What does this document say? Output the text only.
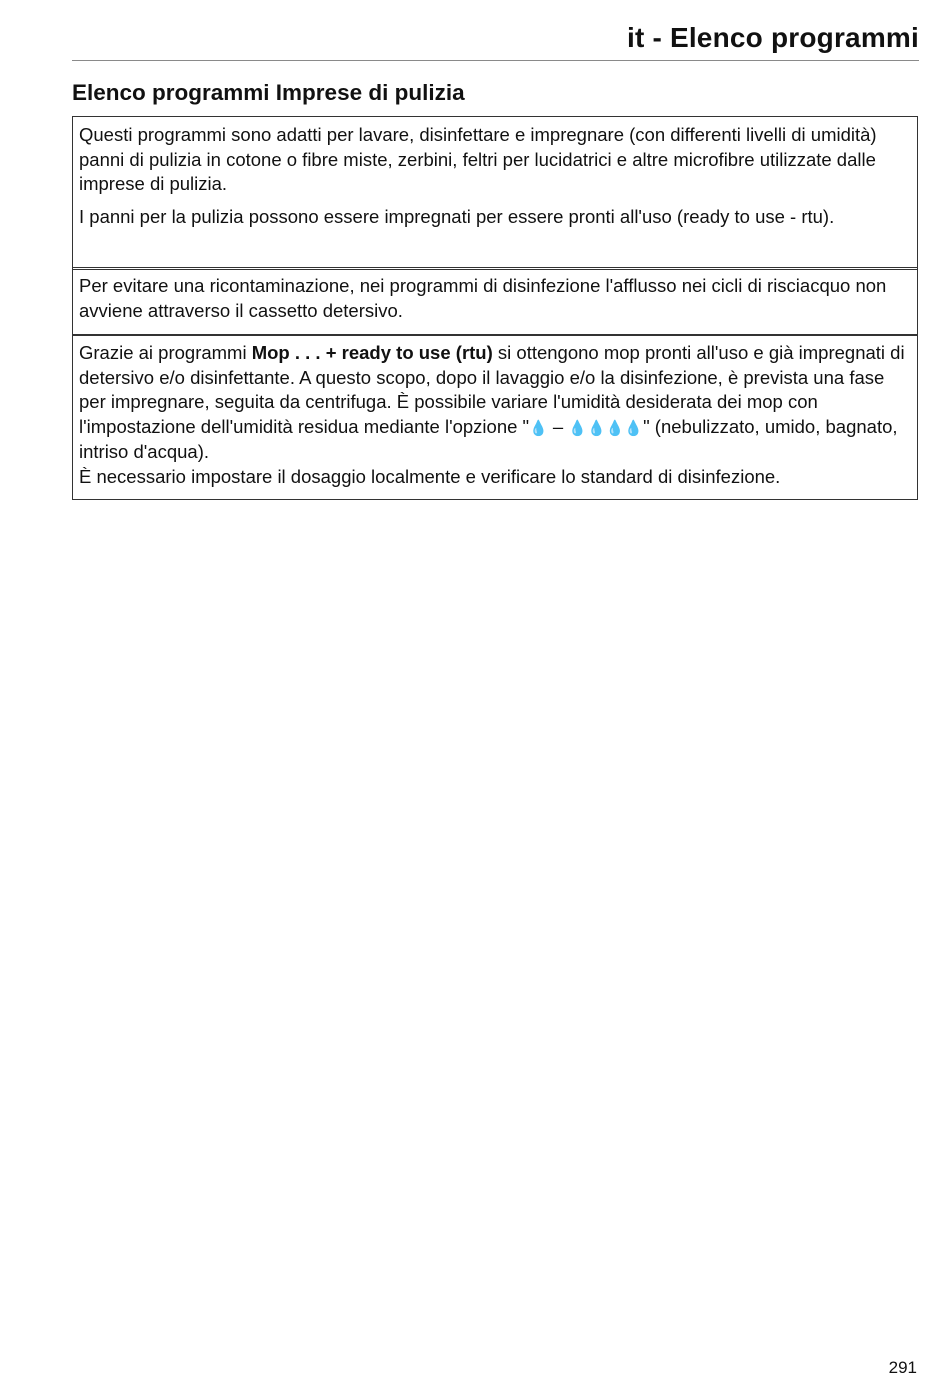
it - Elenco programmi
Elenco programmi Imprese di pulizia

Questi programmi sono adatti per lavare, disinfettare e impregnare (con differenti livelli di umidità) panni di pulizia in cotone o fibre miste, zerbini, feltri per lucidatrici e altre microfibre utilizzate dalle imprese di pulizia.

I panni per la pulizia possono essere impregnati per essere pronti all'uso (ready to use - rtu).

Per evitare una ricontaminazione, nei programmi di disinfezione l'afflusso nei cicli di risciacquo non avviene attraverso il cassetto detersivo.

Grazie ai programmi Mop . . . + ready to use (rtu) si ottengono mop pronti all'uso e già impregnati di detersivo e/o disinfettante. A questo scopo, dopo il lavaggio e/o la disinfezione, è prevista una fase per impregnare, seguita da centrifuga. È possibile variare l'umidità desiderata dei mop con l'impostazione dell'umidità residua mediante l'opzione "💧 – 💧💧💧💧" (nebulizzato, umido, bagnato, intriso d'acqua).

È necessario impostare il dosaggio localmente e verificare lo standard di disinfezione.

291
